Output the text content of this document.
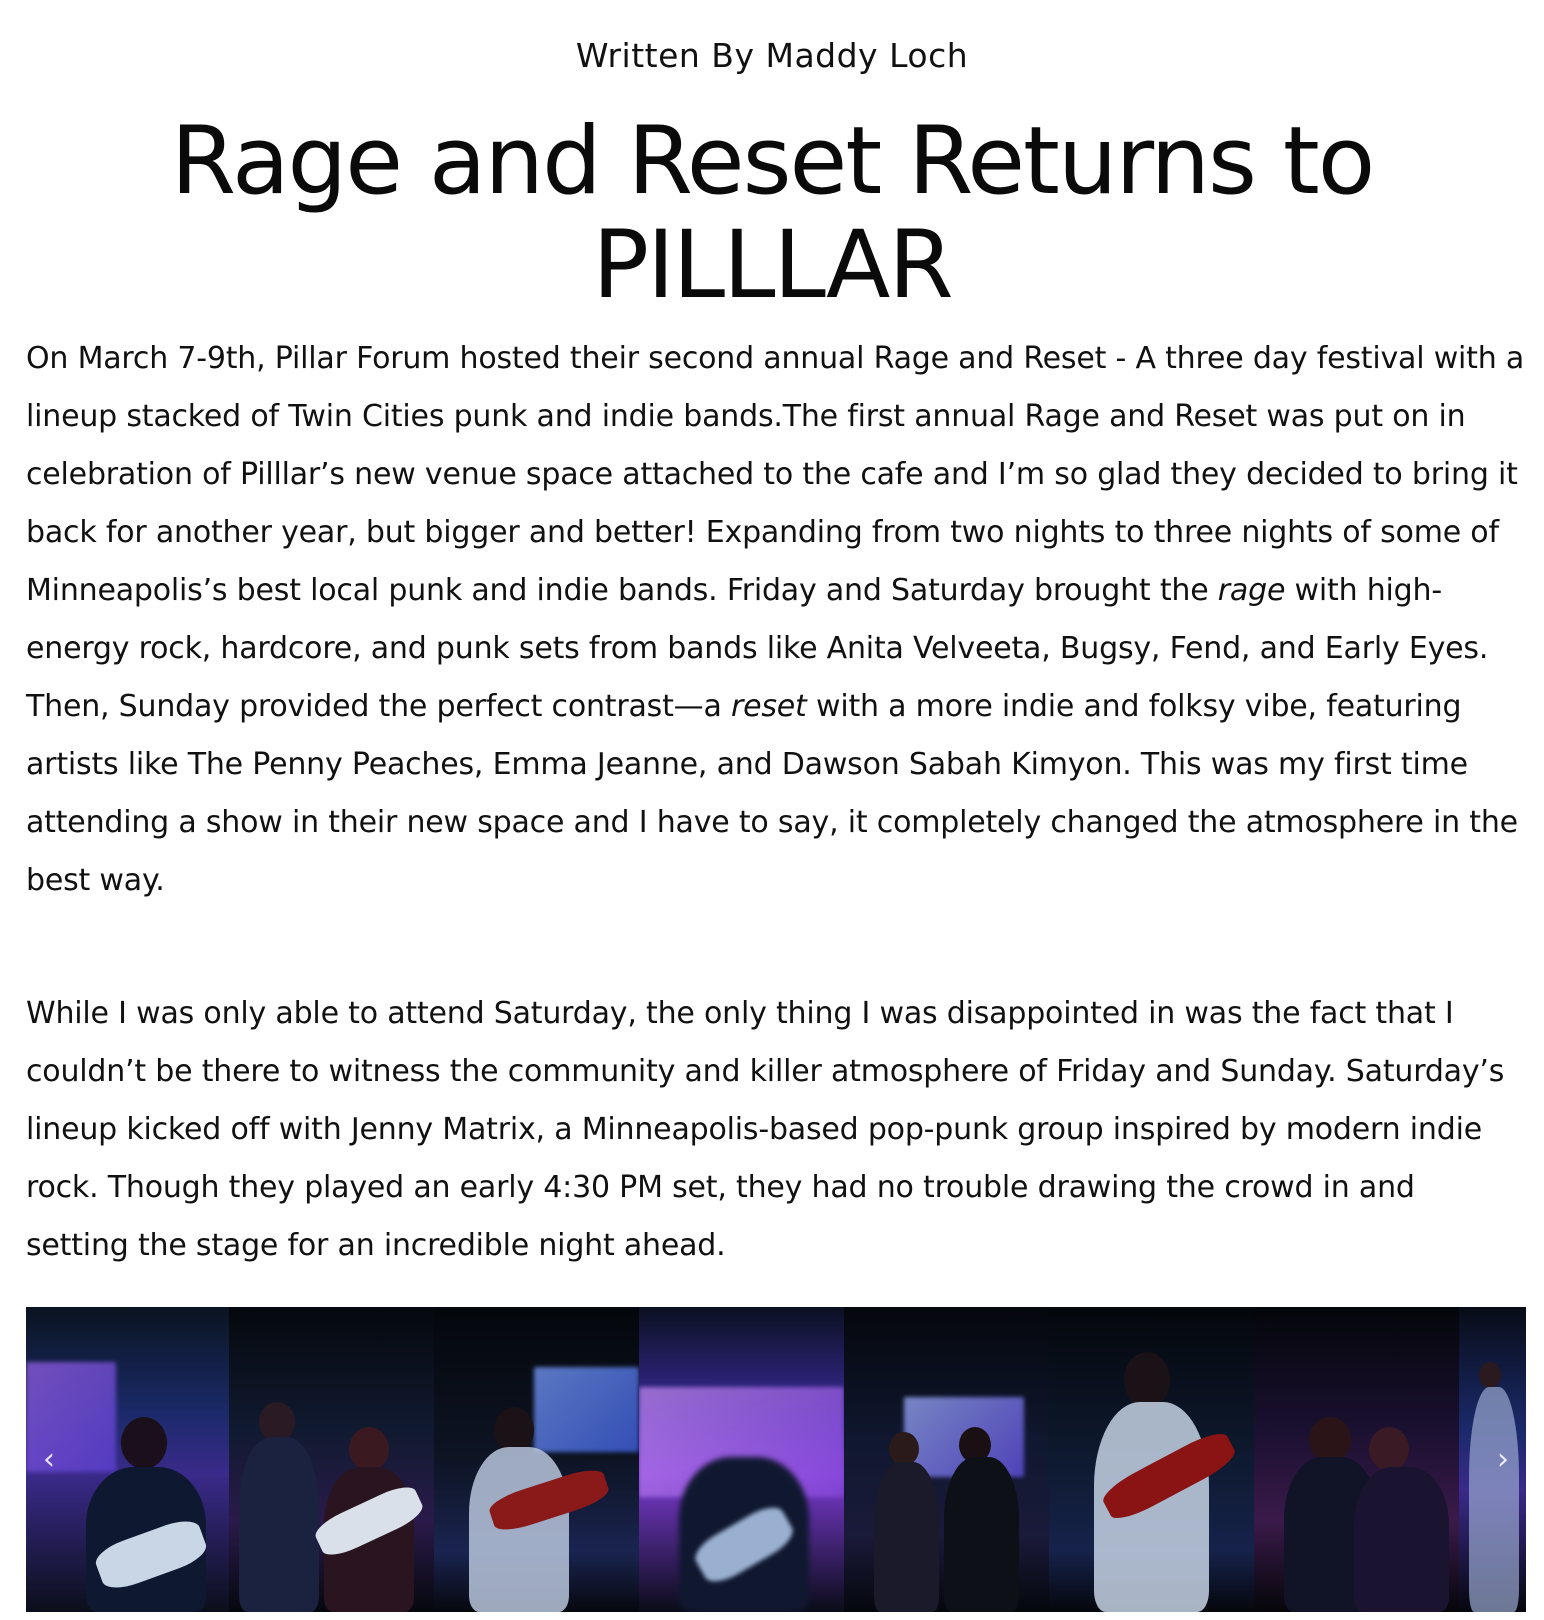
Written By Maddy Loch
Rage and Reset Returns to PILLLAR

On March 7-9th, Pillar Forum hosted their second annual Rage and Reset - A three day festival with a lineup stacked of Twin Cities punk and indie bands.The first annual Rage and Reset was put on in celebration of Pilllar’s new venue space attached to the cafe and I’m so glad they decided to bring it back for another year, but bigger and better! Expanding from two nights to three nights of some of Minneapolis’s best local punk and indie bands. Friday and Saturday brought the rage with high-energy rock, hardcore, and punk sets from bands like Anita Velveeta, Bugsy, Fend, and Early Eyes. Then, Sunday provided the perfect contrast—a reset with a more indie and folksy vibe, featuring artists like The Penny Peaches, Emma Jeanne, and Dawson Sabah Kimyon. This was my first time attending a show in their new space and I have to say, it completely changed the atmosphere in the best way.

While I was only able to attend Saturday, the only thing I was disappointed in was the fact that I couldn’t be there to witness the community and killer atmosphere of Friday and Sunday. Saturday’s lineup kicked off with Jenny Matrix, a Minneapolis-based pop-punk group inspired by modern indie rock. Though they played an early 4:30 PM set, they had no trouble drawing the crowd in and setting the stage for an incredible night ahead.

‹	›
